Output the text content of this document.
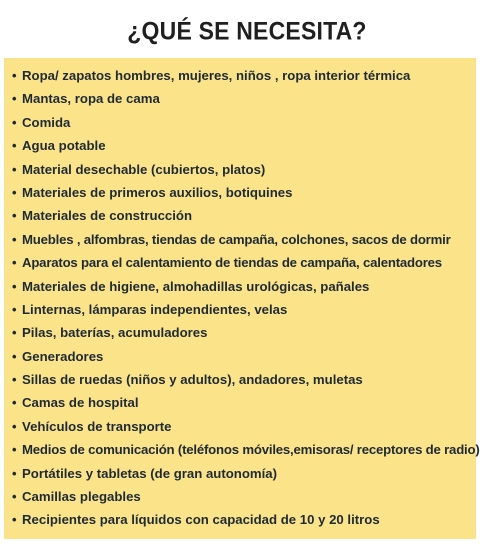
¿QUÉ SE NECESITA?
• Ropa/ zapatos hombres, mujeres, niños , ropa interior térmica
• Mantas, ropa de cama
• Comida
• Agua potable
• Material desechable (cubiertos, platos)
• Materiales de primeros auxilios, botiquines
• Materiales de construcción
• Muebles , alfombras, tiendas de campaña, colchones, sacos de dormir
• Aparatos para el calentamiento de tiendas de campaña, calentadores
• Materiales de higiene, almohadillas urológicas, pañales
• Linternas, lámparas independientes, velas
• Pilas, baterías, acumuladores
• Generadores
• Sillas de ruedas (niños y adultos), andadores, muletas
• Camas de hospital
• Vehículos de transporte
• Medios de comunicación (teléfonos móviles,emisoras/ receptores de radio)
• Portátiles y tabletas (de gran autonomía)
• Camillas plegables
• Recipientes para líquidos con capacidad de 10 y 20 litros
